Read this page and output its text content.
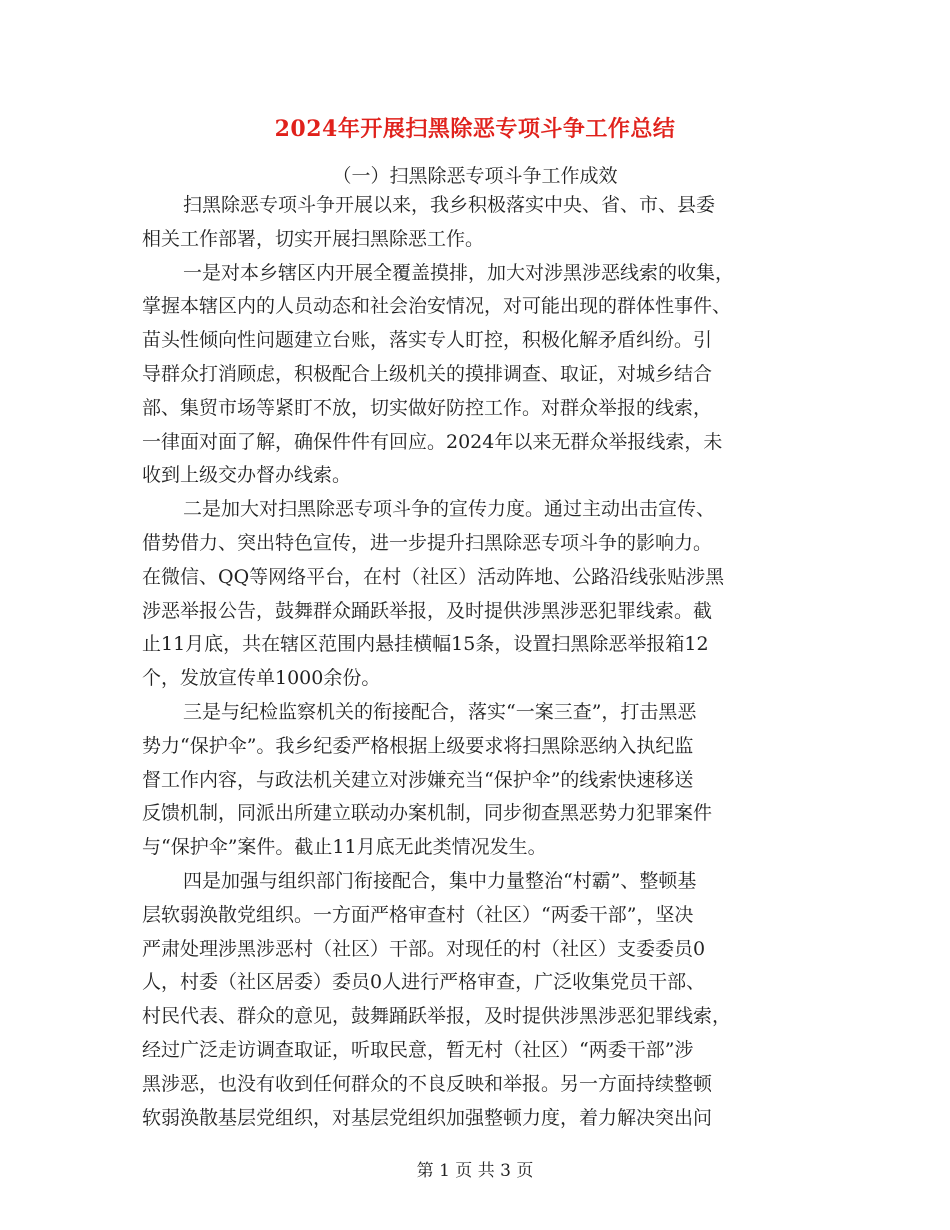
2024年开展扫黑除恶专项斗争工作总结
（一）扫黑除恶专项斗争工作成效
扫黑除恶专项斗争开展以来，我乡积极落实中央、省、市、县委
相关工作部署，切实开展扫黑除恶工作。
一是对本乡辖区内开展全覆盖摸排，加大对涉黑涉恶线索的收集，
掌握本辖区内的人员动态和社会治安情况，对可能出现的群体性事件、
苗头性倾向性问题建立台账，落实专人盯控，积极化解矛盾纠纷。引
导群众打消顾虑，积极配合上级机关的摸排调查、取证，对城乡结合
部、集贸市场等紧盯不放，切实做好防控工作。对群众举报的线索，
一律面对面了解，确保件件有回应。2024年以来无群众举报线索，未
收到上级交办督办线索。
二是加大对扫黑除恶专项斗争的宣传力度。通过主动出击宣传、
借势借力、突出特色宣传，进一步提升扫黑除恶专项斗争的影响力。
在微信、QQ等网络平台，在村（社区）活动阵地、公路沿线张贴涉黑
涉恶举报公告，鼓舞群众踊跃举报，及时提供涉黑涉恶犯罪线索。截
止11月底，共在辖区范围内悬挂横幅15条，设置扫黑除恶举报箱12
个，发放宣传单1000余份。
三是与纪检监察机关的衔接配合，落实“一案三查”，打击黑恶
势力“保护伞”。我乡纪委严格根据上级要求将扫黑除恶纳入执纪监
督工作内容，与政法机关建立对涉嫌充当“保护伞”的线索快速移送
反馈机制，同派出所建立联动办案机制，同步彻查黑恶势力犯罪案件
与“保护伞”案件。截止11月底无此类情况发生。
四是加强与组织部门衔接配合，集中力量整治“村霸”、整顿基
层软弱涣散党组织。一方面严格审查村（社区）“两委干部”，坚决
严肃处理涉黑涉恶村（社区）干部。对现任的村（社区）支委委员0
人，村委（社区居委）委员0人进行严格审查，广泛收集党员干部、
村民代表、群众的意见，鼓舞踊跃举报，及时提供涉黑涉恶犯罪线索，
经过广泛走访调查取证，听取民意，暂无村（社区）“两委干部”涉
黑涉恶，也没有收到任何群众的不良反映和举报。另一方面持续整顿
软弱涣散基层党组织，对基层党组织加强整顿力度，着力解决突出问
第 1 页 共 3 页
